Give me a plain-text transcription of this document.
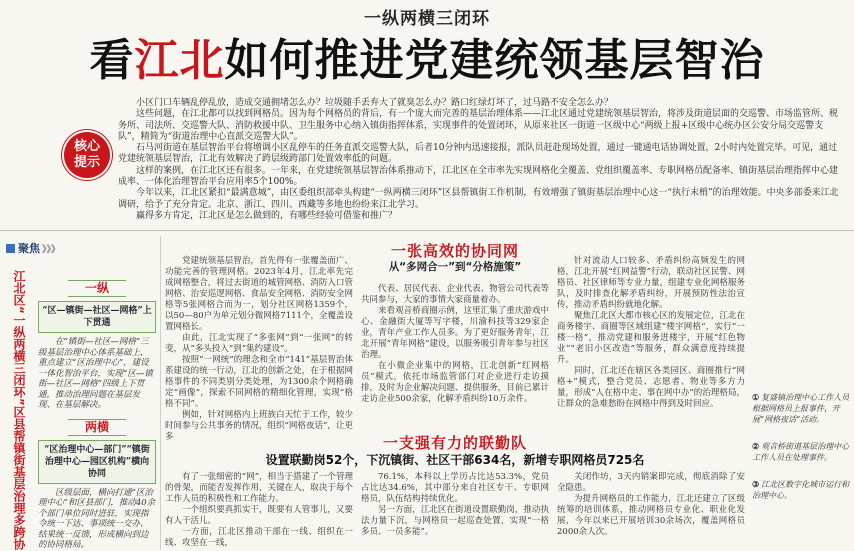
一纵两横三闭环
看江北如何推进党建统领基层智治
核心
提示

小区门口车辆乱停乱放，造成交通拥堵怎么办？垃圾随手丢弃大了就臭怎么办？路口红绿灯坏了，过马路不安全怎么办？

这些问题，在江北都可以找到网格员。因为每个网格员的背后，有一个庞大而完善的基层治理体系——江北区通过党建统领基层智治，将涉及街道层面的交巡警、市场监管所、税务所、司法所、交巡警大队、消防救援中队、卫生服务中心纳入镇街指挥体系，实现事件的处置闭环，从原来社区一街道一区级中心“两级上报+区级中心统办区公安分局交巡警支队”，精简为“街道治理中心直派交巡警大队”。

石马河街道在基层智治平台将增调小区乱停车的任务直派交巡警大队，后者10分钟内迅速接报，派队员赶赴现场处置，通过一键通电话协调处置，2小时内处置完毕。可见，通过党建统领基层智治，江北有效解决了跨层级跨部门处置效率低的问题。

这样的案例，在江北区还有很多。一年来，在党建统领基层智治体系推动下，江北区在全市率先实现网格化全覆盖、党组织覆盖率、专职网格员配备率、镇街基层治理指挥中心建成率、一体化治理智治平台应用率5个100%。

今年以来，江北区紧扣“最满意城”，由区委组织部牵头构建“一纵两横三闭环”区县帮镇街工作机制，有效增强了镇街基层治理中心这一“执行末梢”的治理效能。中央多部委来江北调研，给予了充分肯定。北京、浙江、四川、西藏等多地也纷纷来江北学习。

赢得多方肯定，江北区是怎么做到的，有哪些经验可借鉴和推广？

聚焦 》》》
江北区“一纵两横三闭环”区县帮镇街基层治理多跨协	一纵
“区—镇街—社区—网格”上下贯通

在“镇街—社区—网格”三级基层治理中心体系基础上，重点建立“区治理中心”，建设一体化智治平台，实现“区—镇街—社区—网格”四级上下贯通，推动治理问题在基层发现、在基层解决。

两横
“区治理中心—部门”“镇街治理中心—园区机构”横向协同

区级层面，横向打通“区治理中心”和区县部门，推动40余个部门单位同时进驻，实现指令统一下达、事项统一交办、结果统一反馈，形成横向到边的协同格局。

一张高效的协同网
从“多网合一”到“分格施策”

党建统领基层智治，首先得有一张覆盖面广、功能完善的管理网格。2023年4月，江北率先完成网格整合，将过去街道的城管网格、消防入口管网格、治安巡逻网格、食品安全网格、消防安全网格等5张网格合而为一，划分社区网格1359个，以50—80户为单元划分微网格7111个，全覆盖设置网格长。

由此，江北实现了“多张网”到“一张网”的转变，从“多头投入”到“集约建设”。

按照“一网统”的理念和全市“141”基层智治体系建设的统一行动，江北的创新之处，在于根据网格事件的不同类别分类处理，为1300余个网格确定“画像”，探索不同网格的精细化管理，实现“格格不同”。

例如，针对网格内上班族白天忙于工作，较少时间参与公共事务的情况，组织“网格夜话”，让更多

代表、居民代表、企业代表、物管公司代表等共同参与，大家的事情大家商量着办。

来看观音桥商圈示例，这里汇集了重庆游戏中心、金融街大厦等写字楼，川渝科技等329家企业，青年产业工作人员多。为了更好服务青年，江北开展“青年网格”建设，以服务吸引青年参与社区治理。

在小微企业集中的网格，江北创新“红网格员”模式，依托市场监管部门对企业进行走访摸排，及时为企业解决问题、提供服务，目前已累计走访企业500余家，化解矛盾纠纷10万余件。

针对流动人口较多、矛盾纠纷高频发生的网格，江北开展“红网益警”行动，联动社区民警、网格员、社区律师等专业力量，组建专业化网格服务队，及时排查化解矛盾纠纷，开展预防性法治宣传，推动矛盾纠纷就地化解。

聚焦江北区大都市核心区的发展定位，江北在商务楼宇、商圈等区域组建“楼宇网格”，实行“一楼一格”，推动党建和服务进楼宇，开展“红色物业”“老旧小区改造”等服务，群众满意度持续提升。

同时，江北还在辖区各类园区、商圈推行“网格+”模式，整合党员、志愿者、物业等多方力量，形成“人在格中走、事在网中办”的治理格局，让群众的急难愁盼在网格中得到及时回应。

一支强有力的联勤队
设置联勤岗52个，下沉镇街、社区干部634名，新增专职网格员725名

有了一张细密的“网”，相当于搭建了一个管理的骨架，而能否发挥作用，关键在人，取决于每个工作人员的积极性和工作能力。

一个组织要真抓实干，既要有人管事儿，又要有人干活儿。

一方面，江北区推动干部在一线、组织在一线、攻坚在一线，

76.1%，本科以上学历占比达53.3%，党员占比达34.6%，其中部分来自社区专干、专职网格员，队伍结构持续优化。

另一方面，江北区在街道设置联勤岗，推动执法力量下沉，与网格员一起巡查处置，实现“一格多员、一员多能”。

关闭作坊，3天内销案即完成，彻底消除了安全隐患。

为提升网格员的工作能力，江北还建立了区级统筹的培训体系，推动网格员专业化、职业化发展，今年以来已开展培训30余场次，覆盖网格员2000余人次。

① 复盛镇治理中心工作人员根据网格员上报事件，开展“网格夜话”活动。
② 观音桥街道基层治理中心工作人员在处理事件。
③ 江北区数字化城市运行和治理中心。
